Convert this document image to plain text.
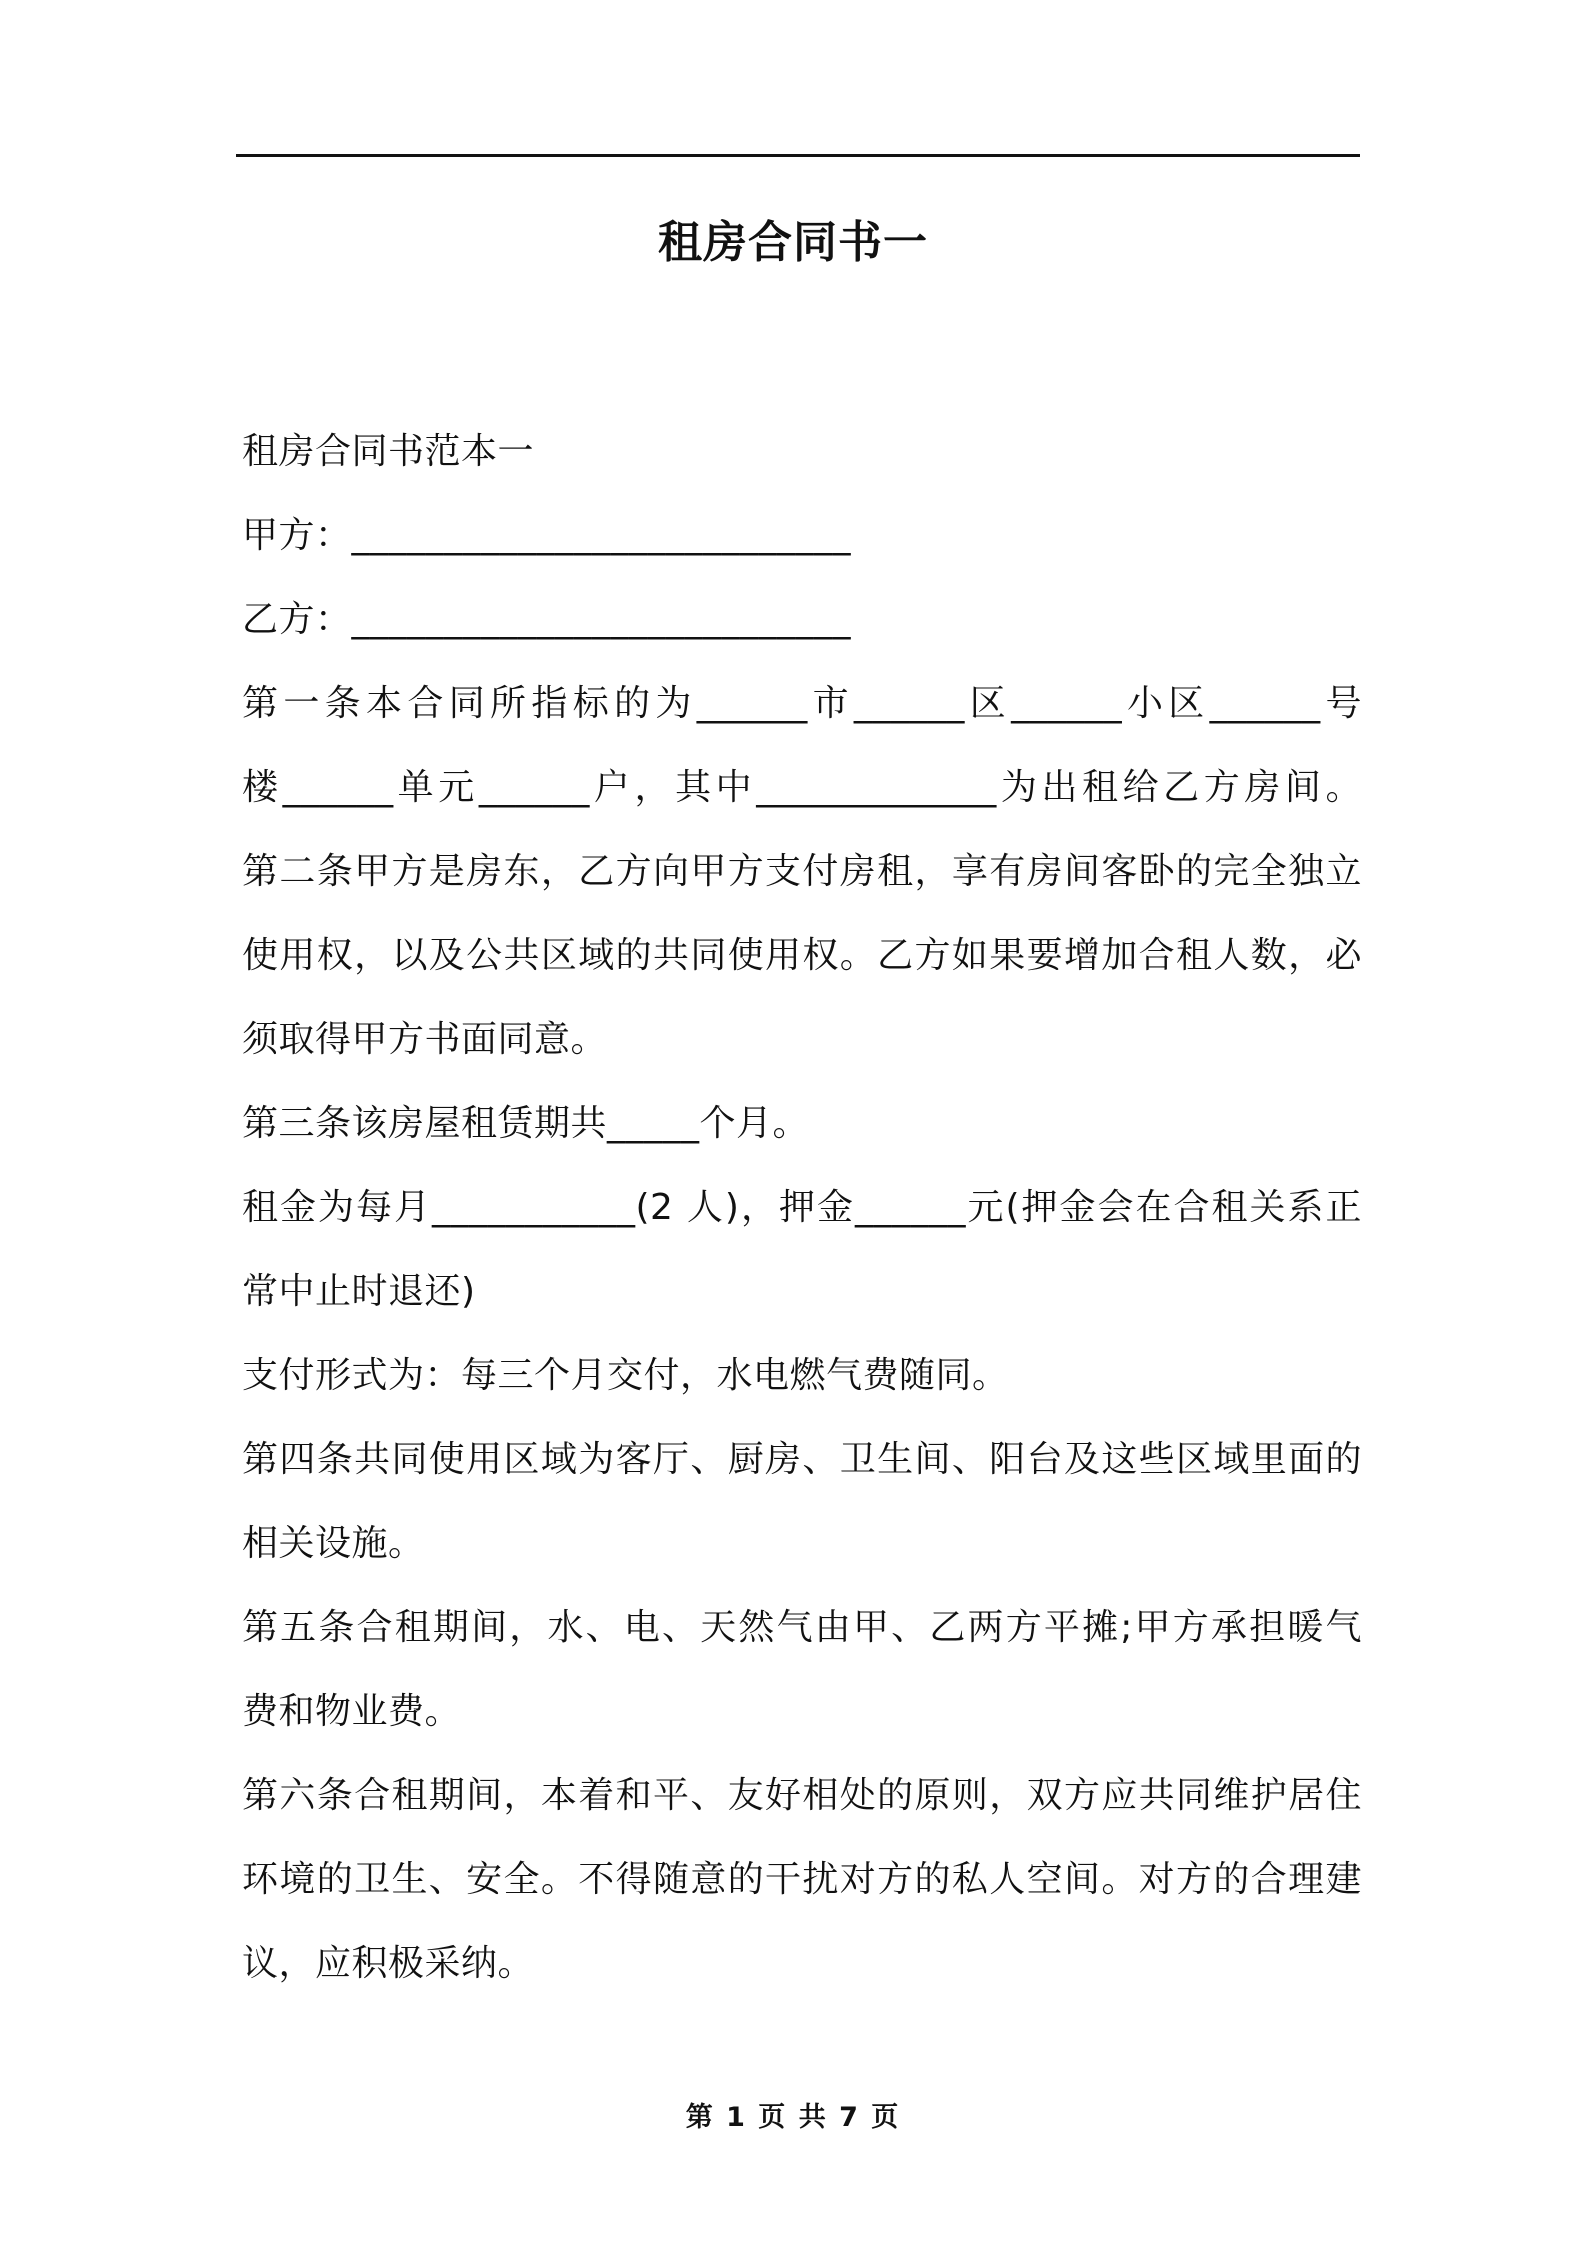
租房合同书一
租房合同书范本一
甲方：___________________________
乙方：___________________________
第一条本合同所指标的为______市______区______小区______号
楼______单元______户，其中_____________为出租给乙方房间。
第二条甲方是房东，乙方向甲方支付房租，享有房间客卧的完全独立
使用权，以及公共区域的共同使用权。乙方如果要增加合租人数，必
须取得甲方书面同意。
第三条该房屋租赁期共_____个月。
租金为每月___________(2 人)，押金______元(押金会在合租关系正
常中止时退还)
支付形式为：每三个月交付，水电燃气费随同。
第四条共同使用区域为客厅、厨房、卫生间、阳台及这些区域里面的
相关设施。
第五条合租期间，水、电、天然气由甲、乙两方平摊;甲方承担暖气
费和物业费。
第六条合租期间，本着和平、友好相处的原则，双方应共同维护居住
环境的卫生、安全。不得随意的干扰对方的私人空间。对方的合理建
议，应积极采纳。
第 1 页 共 7 页
